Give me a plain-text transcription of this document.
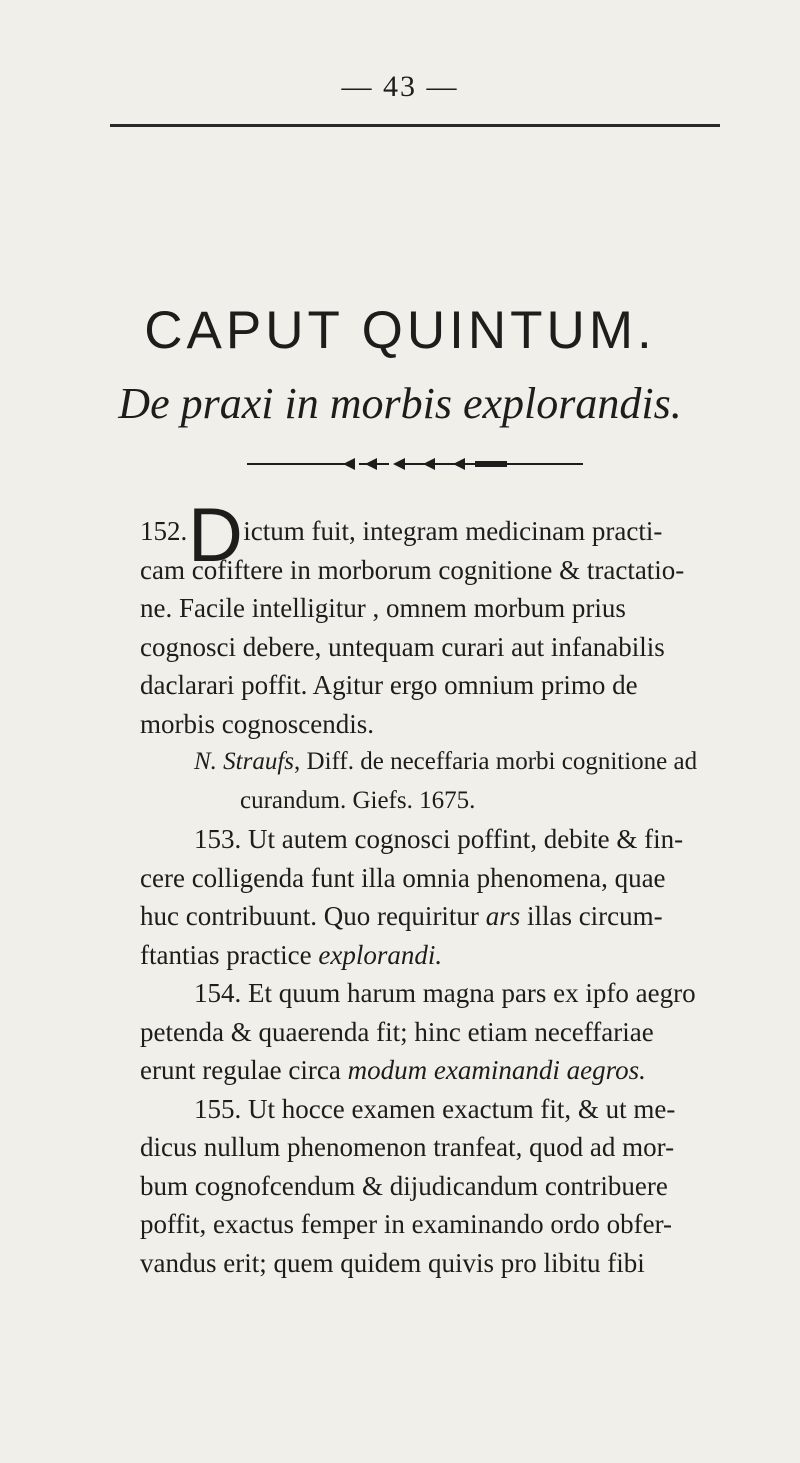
— 43 —
CAPUT QUINTUM.
De praxi in morbis explorandis.
D
152. ictum fuit, integram medicinam practi-
cam cofiftere in morborum cognitione & tractatio-
ne. Facile intelligitur , omnem morbum prius
cognosci debere, untequam curari aut infanabilis
daclarari poffit. Agitur ergo omnium primo de
morbis cognoscendis.
N. Straufs, Diff. de neceffaria morbi cognitione ad
curandum. Giefs. 1675.
153. Ut autem cognosci poffint, debite & fin-
cere colligenda funt illa omnia phenomena, quae
huc contribuunt. Quo requiritur ars illas circum-
ftantias practice explorandi.
154. Et quum harum magna pars ex ipfo aegro
petenda & quaerenda fit; hinc etiam neceffariae
erunt regulae circa modum examinandi aegros.
155. Ut hocce examen exactum fit, & ut me-
dicus nullum phenomenon tranfeat, quod ad mor-
bum cognofcendum & dijudicandum contribuere
poffit, exactus femper in examinando ordo obfer-
vandus erit; quem quidem quivis pro libitu fibi
